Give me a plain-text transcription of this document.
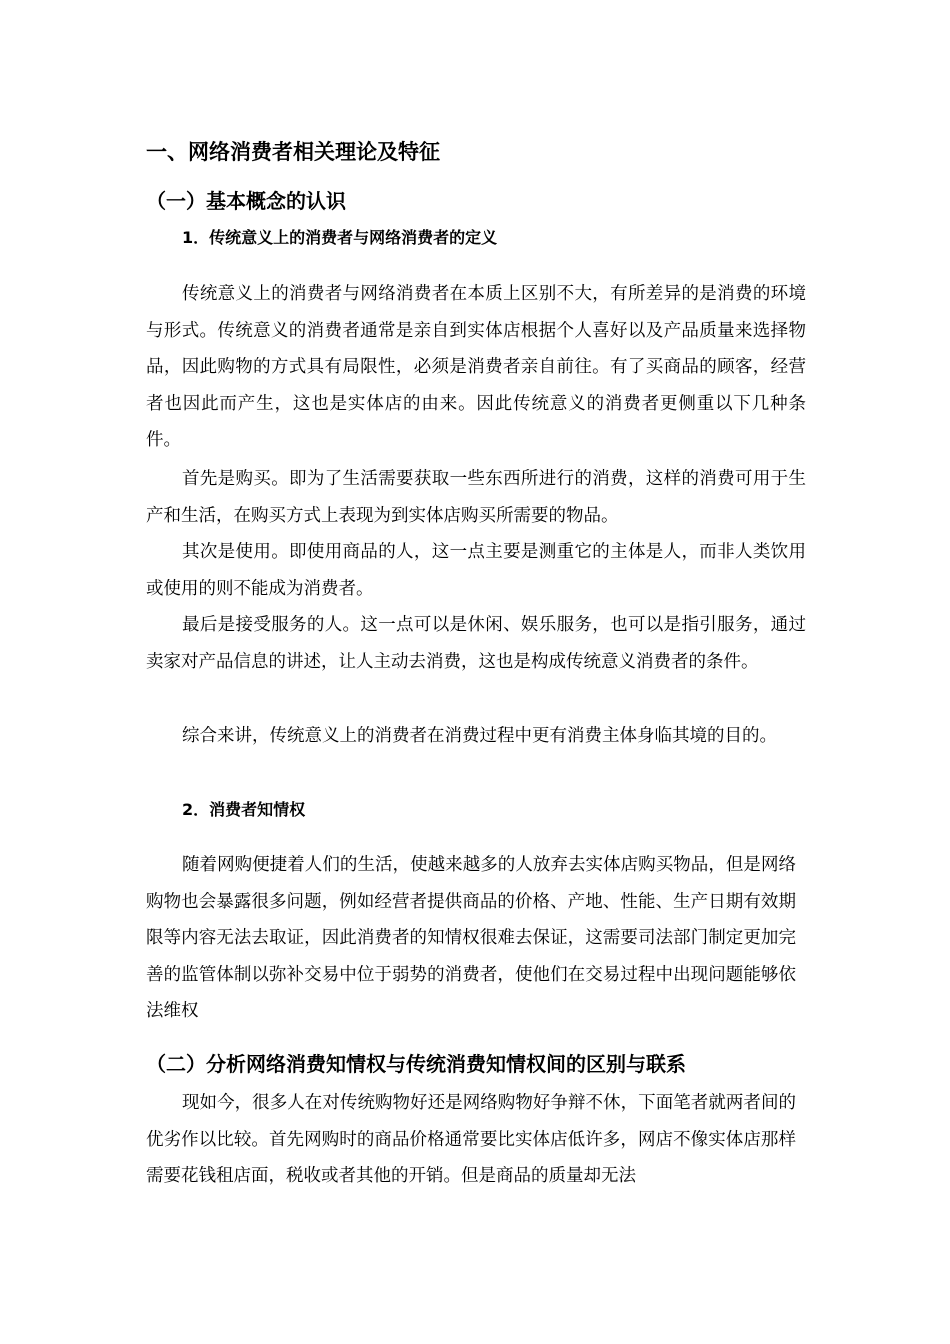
一、网络消费者相关理论及特征
（一）基本概念的认识
1．传统意义上的消费者与网络消费者的定义

传统意义上的消费者与网络消费者在本质上区别不大，有所差异的是消费的环境与形式。传统意义的消费者通常是亲自到实体店根据个人喜好以及产品质量来选择物品，因此购物的方式具有局限性，必须是消费者亲自前往。有了买商品的顾客，经营者也因此而产生，这也是实体店的由来。因此传统意义的消费者更侧重以下几种条件。

首先是购买。即为了生活需要获取一些东西所进行的消费，这样的消费可用于生产和生活，在购买方式上表现为到实体店购买所需要的物品。

其次是使用。即使用商品的人，这一点主要是测重它的主体是人，而非人类饮用或使用的则不能成为消费者。

最后是接受服务的人。这一点可以是休闲、娱乐服务，也可以是指引服务，通过卖家对产品信息的讲述，让人主动去消费，这也是构成传统意义消费者的条件。

综合来讲，传统意义上的消费者在消费过程中更有消费主体身临其境的目的。

2．消费者知情权

随着网购便捷着人们的生活，使越来越多的人放弃去实体店购买物品，但是网络购物也会暴露很多问题，例如经营者提供商品的价格、产地、性能、生产日期有效期限等内容无法去取证，因此消费者的知情权很难去保证，这需要司法部门制定更加完善的监管体制以弥补交易中位于弱势的消费者，使他们在交易过程中出现问题能够依法维权

（二）分析网络消费知情权与传统消费知情权间的区别与联系

现如今，很多人在对传统购物好还是网络购物好争辩不休，下面笔者就两者间的优劣作以比较。首先网购时的商品价格通常要比实体店低许多，网店不像实体店那样需要花钱租店面，税收或者其他的开销。但是商品的质量却无法
